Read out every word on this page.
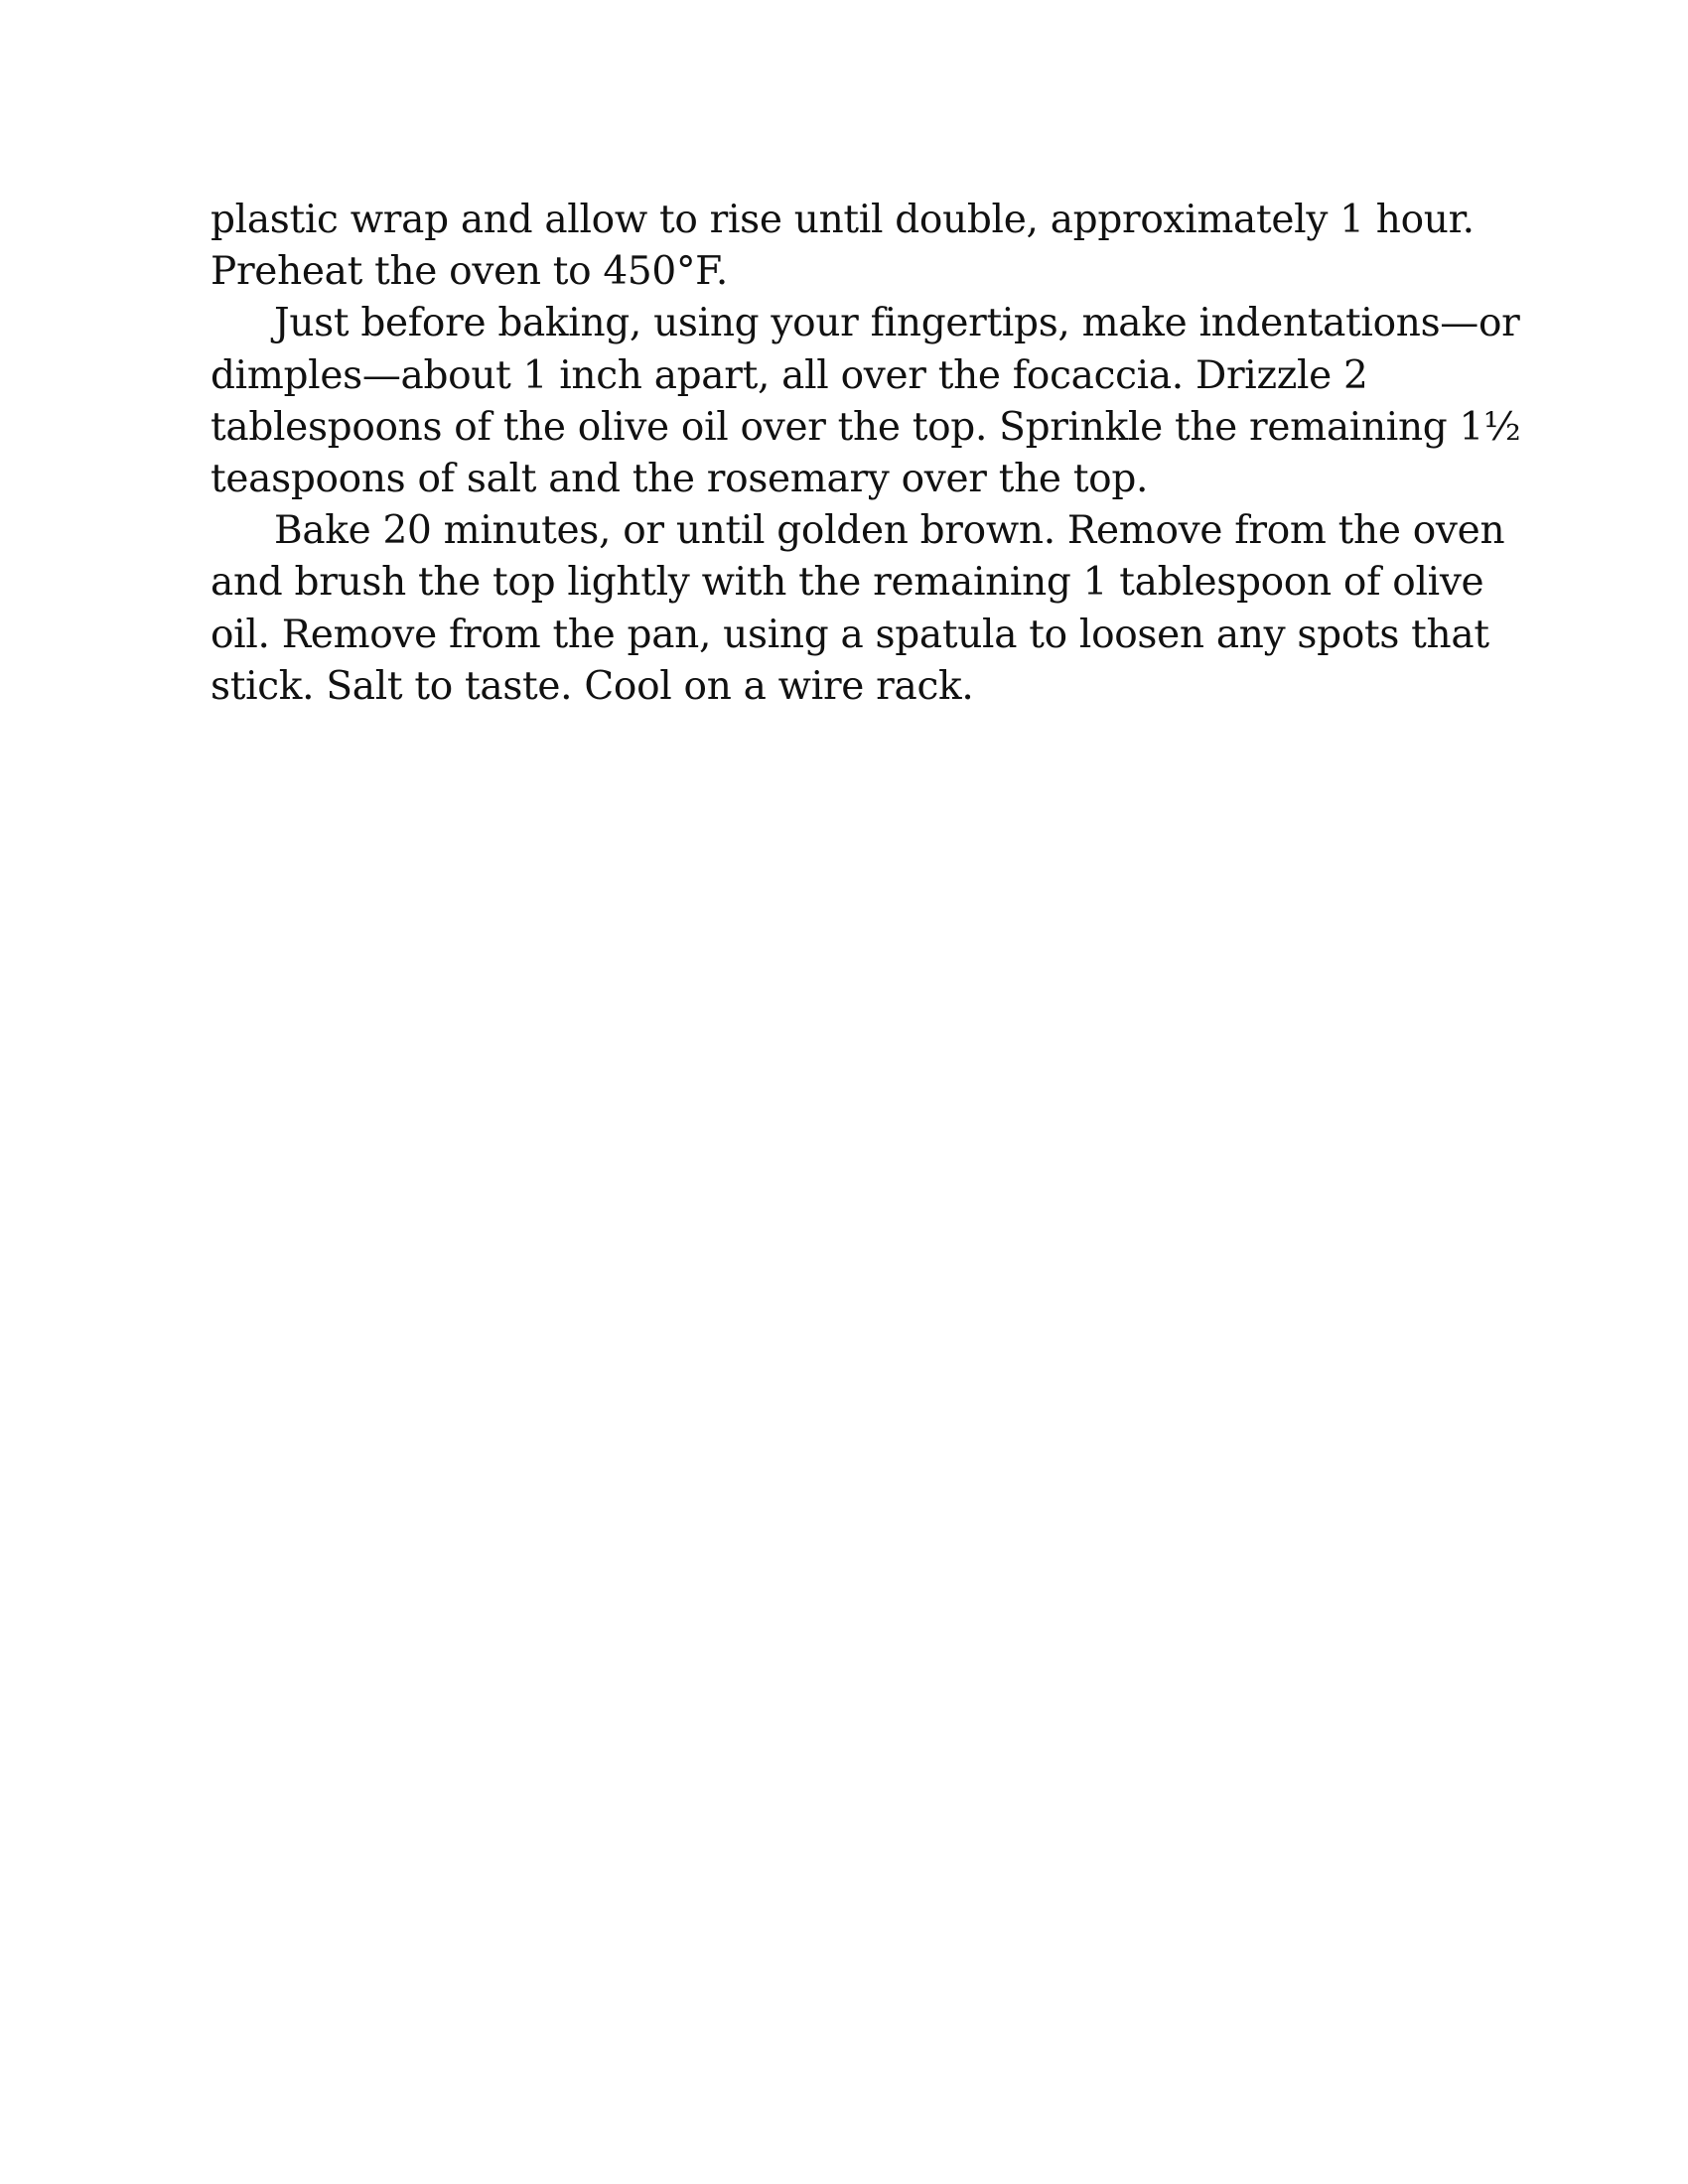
plastic wrap and allow to rise until double, approximately 1 hour.
Preheat the oven to 450°F.
Just before baking, using your fingertips, make indentations—or
dimples—about 1 inch apart, all over the focaccia. Drizzle 2
tablespoons of the olive oil over the top. Sprinkle the remaining 1½
teaspoons of salt and the rosemary over the top.
Bake 20 minutes, or until golden brown. Remove from the oven
and brush the top lightly with the remaining 1 tablespoon of olive
oil. Remove from the pan, using a spatula to loosen any spots that
stick. Salt to taste. Cool on a wire rack.
